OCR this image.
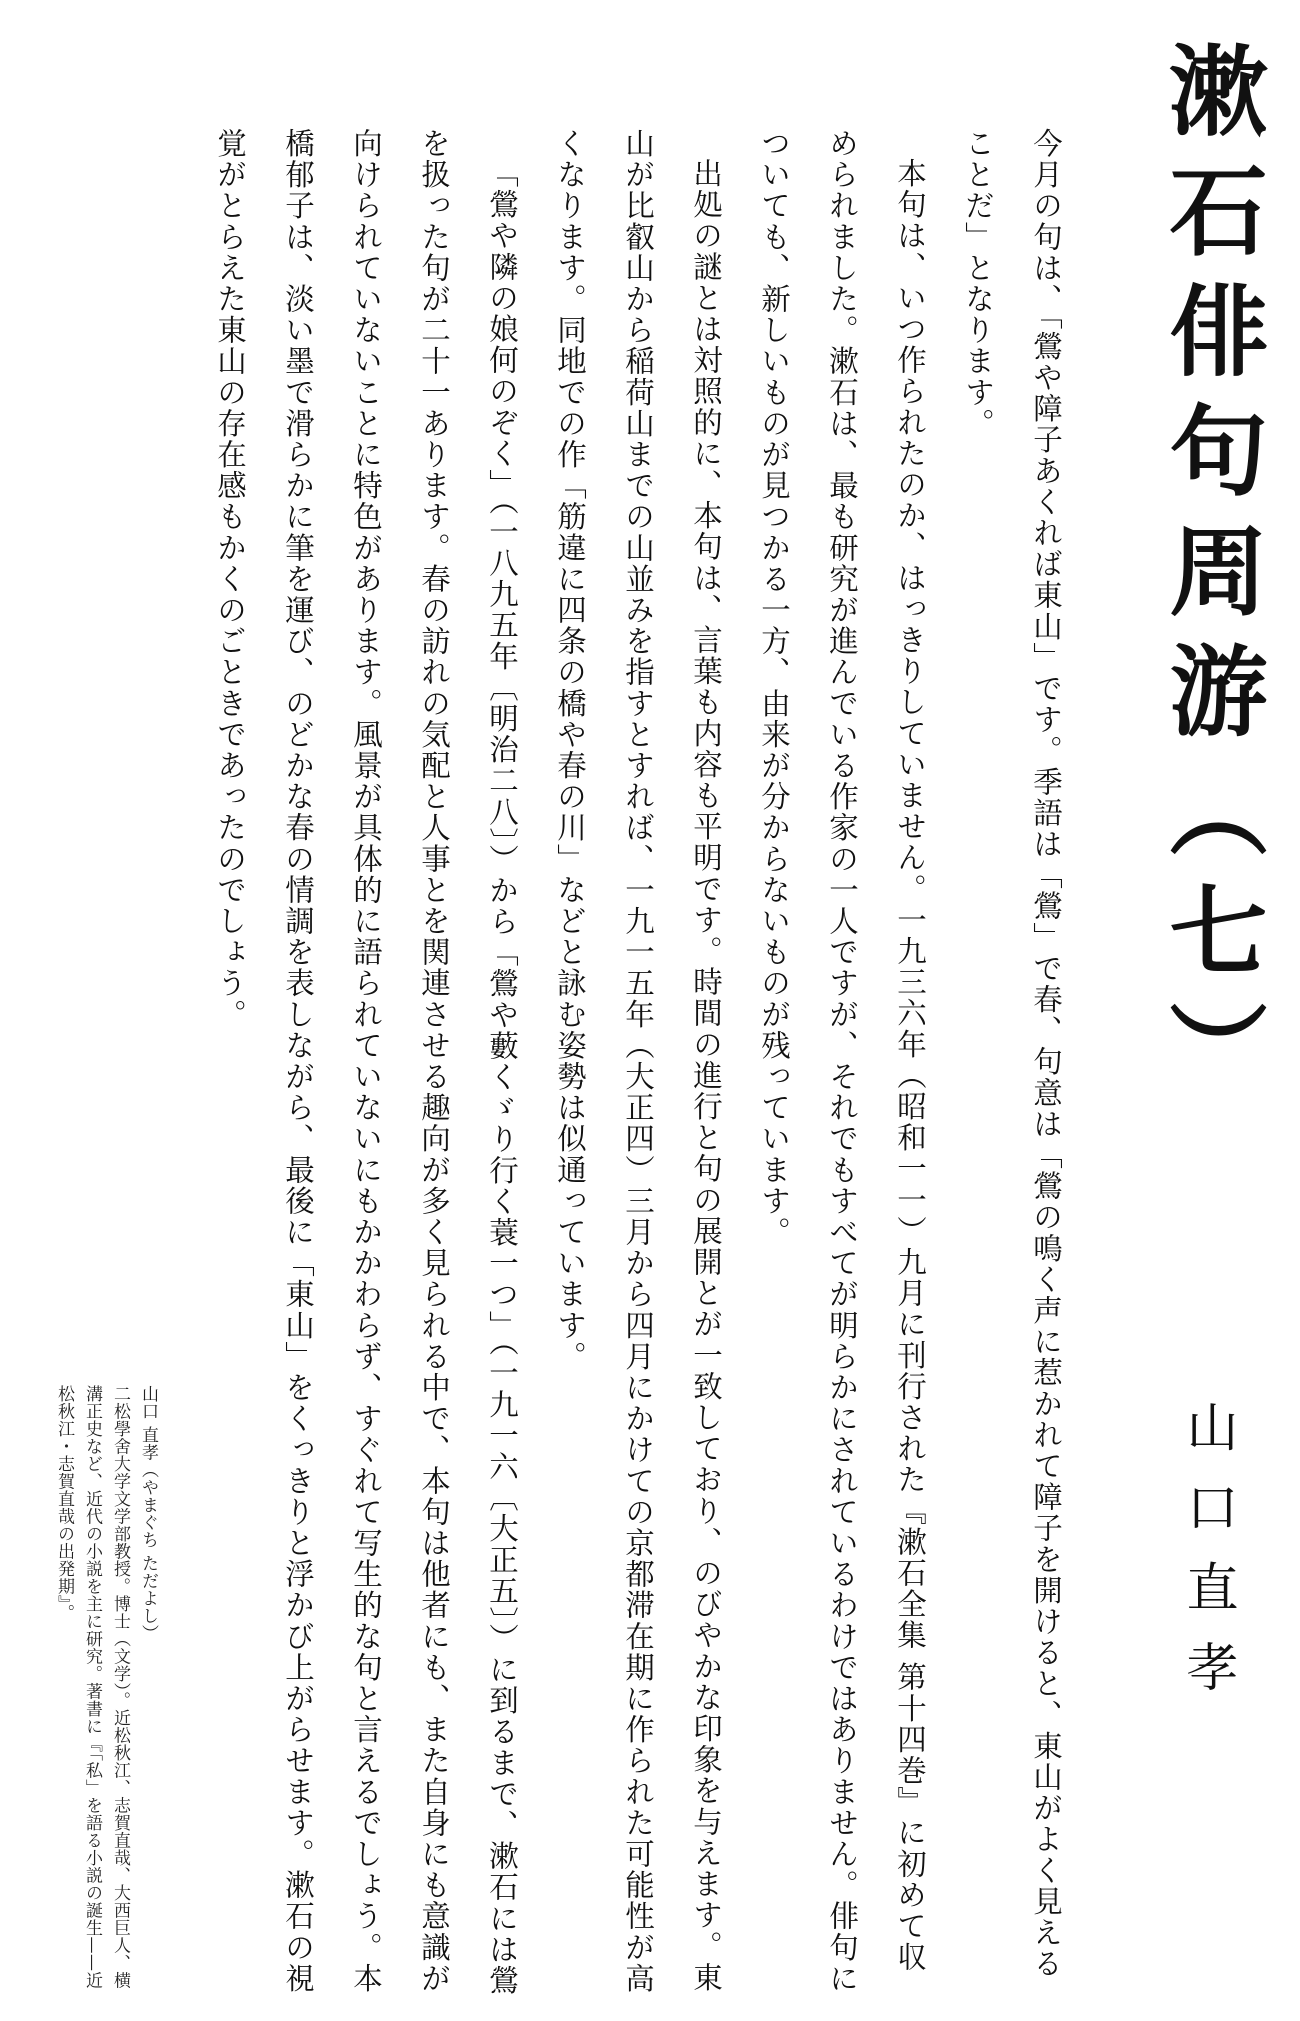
漱石俳句周游（七）
山口直孝

今月の句は、「鶯や障子あくれば東山」です。季語は「鶯」で春、句意は「鶯の鳴く声に惹かれて障子を開けると、東山がよく見えることだ」となります。

本句は、いつ作られたのか、はっきりしていません。一九三六年（昭和一一）九月に刊行された『漱石全集 第十四巻』に初めて収められました。漱石は、最も研究が進んでいる作家の一人ですが、それでもすべてが明らかにされているわけではありません。俳句についても、新しいものが見つかる一方、由来が分からないものが残っています。

出処の謎とは対照的に、本句は、言葉も内容も平明です。時間の進行と句の展開とが一致しており、のびやかな印象を与えます。東山が比叡山から稲荷山までの山並みを指すとすれば、一九一五年（大正四）三月から四月にかけての京都滞在期に作られた可能性が高くなります。同地での作「筋違に四条の橋や春の川」などと詠む姿勢は似通っています。

「鶯や隣の娘何のぞく」（一八九五年〔明治二八〕）から「鶯や藪くゞり行く蓑一つ」（一九一六〔大正五〕）に到るまで、漱石には鶯を扱った句が二十一あります。春の訪れの気配と人事とを関連させる趣向が多く見られる中で、本句は他者にも、また自身にも意識が向けられていないことに特色があります。風景が具体的に語られていないにもかかわらず、すぐれて写生的な句と言えるでしょう。本橋郁子は、淡い墨で滑らかに筆を運び、のどかな春の情調を表しながら、最後に「東山」をくっきりと浮かび上がらせます。漱石の視覚がとらえた東山の存在感もかくのごときであったのでしょう。

山口 直孝（やまぐち ただよし）
二松學舍大学文学部教授。博士（文学）。近松秋江、志賀直哉、大西巨人、横溝正史など、近代の小説を主に研究。著書に『「私」を語る小説の誕生——近松秋江・志賀直哉の出発期』。
